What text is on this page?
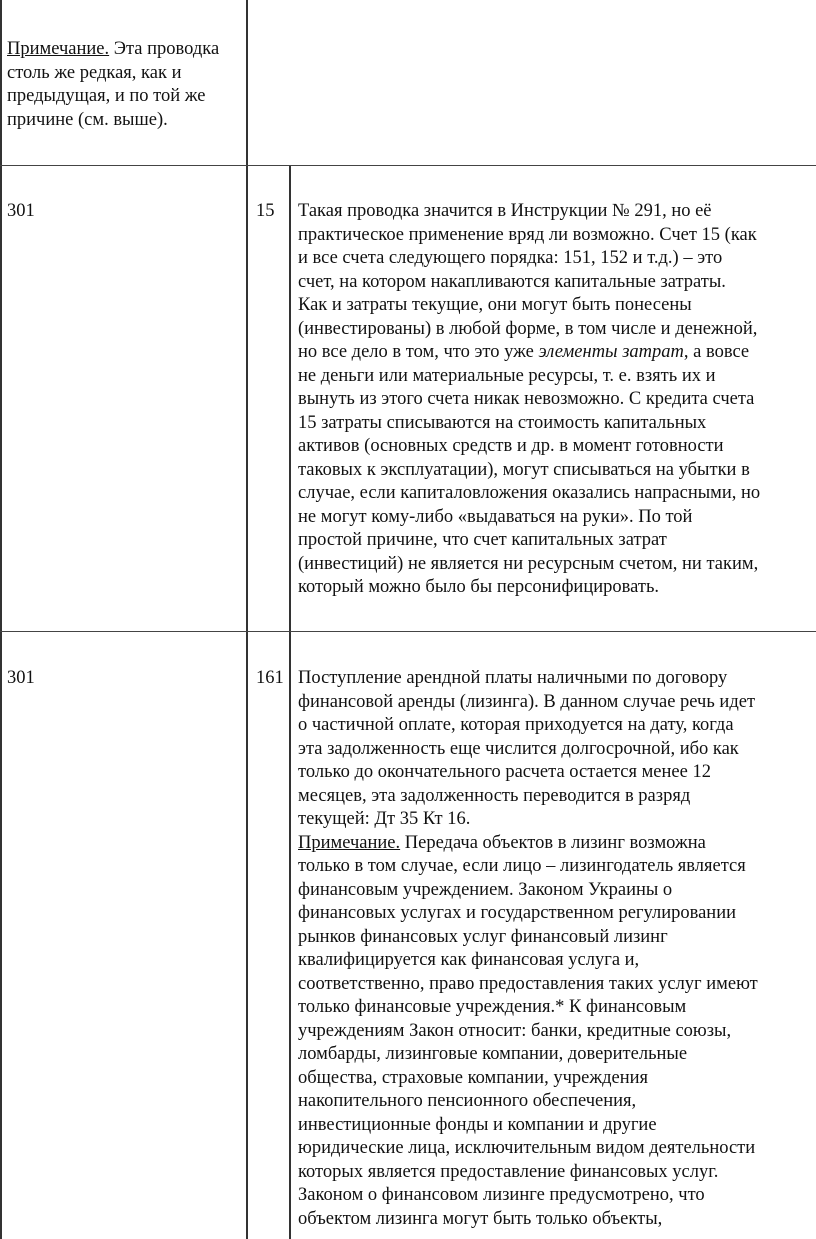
Примечание. Эта проводка
столь же редкая, как и
предыдущая, и по той же
причине (см. выше).
301	15 Такая проводка значится в Инструкции № 291, но её
практическое применение вряд ли возможно. Счет 15 (как
и все счета следующего порядка: 151, 152 и т.д.) – это
счет, на котором накапливаются капитальные затраты.
Как и затраты текущие, они могут быть понесены
(инвестированы) в любой форме, в том числе и денежной,
но все дело в том, что это уже элементы затрат, а вовсе
не деньги или материальные ресурсы, т. е. взять их и
вынуть из этого счета никак невозможно. С кредита счета
15 затраты списываются на стоимость капитальных
активов (основных средств и др. в момент готовности
таковых к эксплуатации), могут списываться на убытки в
случае, если капиталовложения оказались напрасными, но
не могут кому-либо «выдаваться на руки». По той
простой причине, что счет капитальных затрат
(инвестиций) не является ни ресурсным счетом, ни таким,
который можно было бы персонифицировать.
301	161 Поступление арендной платы наличными по договору
финансовой аренды (лизинга). В данном случае речь идет
о частичной оплате, которая приходуется на дату, когда
эта задолженность еще числится долгосрочной, ибо как
только до окончательного расчета остается менее 12
месяцев, эта задолженность переводится в разряд
текущей: Дт 35 Кт 16.
Примечание. Передача объектов в лизинг возможна
только в том случае, если лицо – лизингодатель является
финансовым учреждением. Законом Украины о
финансовых услугах и государственном регулировании
рынков финансовых услуг финансовый лизинг
квалифицируется как финансовая услуга и,
соответственно, право предоставления таких услуг имеют
только финансовые учреждения.* К финансовым
учреждениям Закон относит: банки, кредитные союзы,
ломбарды, лизинговые компании, доверительные
общества, страховые компании, учреждения
накопительного пенсионного обеспечения,
инвестиционные фонды и компании и другие
юридические лица, исключительным видом деятельности
которых является предоставление финансовых услуг.
Законом о финансовом лизинге предусмотрено, что
объектом лизинга могут быть только объекты,
